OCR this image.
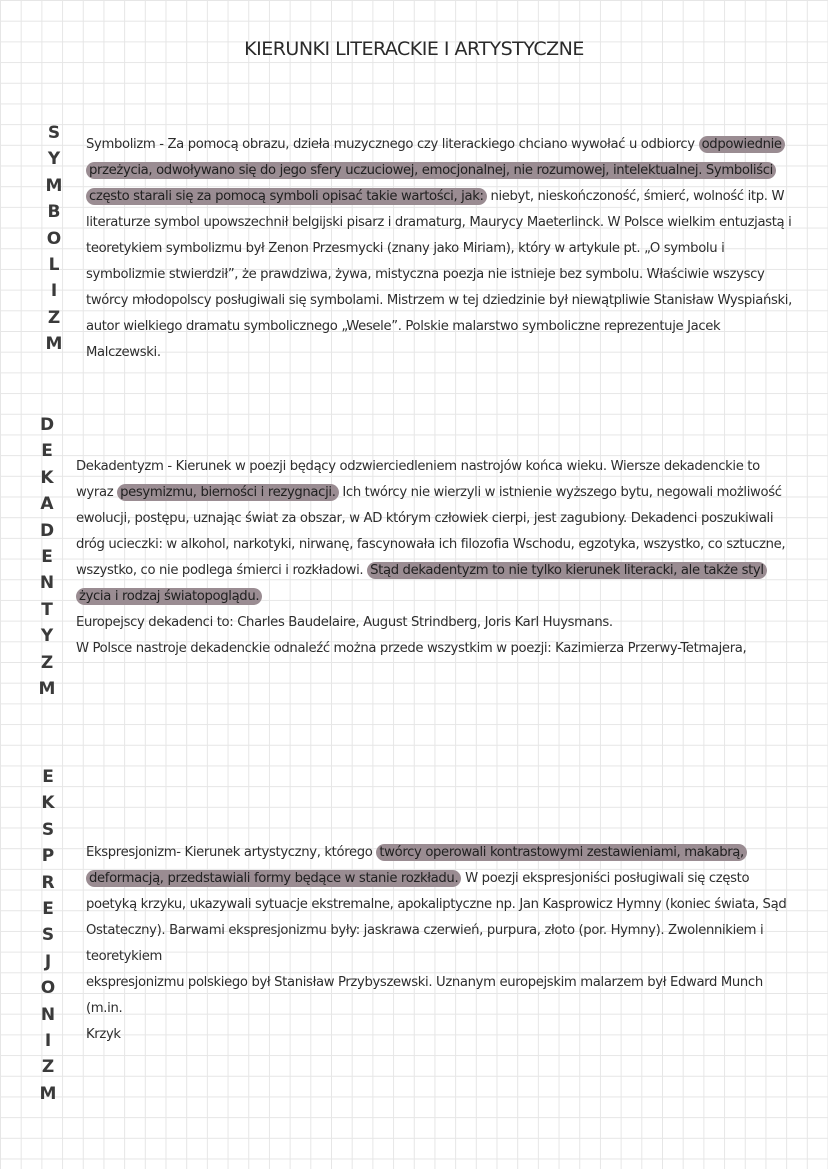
KIERUNKI LITERACKIE I ARTYSTYCZNE
S
Y
M
B
O
L
I
Z
M
D
E
K
A
D
E
N
T
Y
Z
M
E
K
S
P
R
E
S
J
O
N
I
Z
M
Symbolizm - Za pomocą obrazu, dzieła muzycznego czy literackiego chciano wywołać u odbiorcy odpowiednie przeżycia, odwoływano się do jego sfery uczuciowej, emocjonalnej, nie rozumowej, intelektualnej. Symboliści często starali się za pomocą symboli opisać takie wartości, jak: niebyt, nieskończoność, śmierć, wolność itp. W literaturze symbol upowszechnił belgijski pisarz i dramaturg, Maurycy Maeterlinck. W Polsce wielkim entuzjastą i teoretykiem symbolizmu był Zenon Przesmycki (znany jako Miriam), który w artykule pt. „O symbolu i symbolizmie stwierdził”, że prawdziwa, żywa, mistyczna poezja nie istnieje bez symbolu. Właściwie wszyscy twórcy młodopolscy posługiwali się symbolami. Mistrzem w tej dziedzinie był niewątpliwie Stanisław Wyspiański, autor wielkiego dramatu symbolicznego „Wesele”. Polskie malarstwo symboliczne reprezentuje Jacek Malczewski.
Dekadentyzm - Kierunek w poezji będący odzwierciedleniem nastrojów końca wieku. Wiersze dekadenckie to wyraz pesymizmu, bierności i rezygnacji. Ich twórcy nie wierzyli w istnienie wyższego bytu, negowali możliwość ewolucji, postępu, uznając świat za obszar, w AD którym człowiek cierpi, jest zagubiony. Dekadenci poszukiwali dróg ucieczki: w alkohol, narkotyki, nirwanę, fascynowała ich filozofia Wschodu, egzotyka, wszystko, co sztuczne, wszystko, co nie podlega śmierci i rozkładowi. Stąd dekadentyzm to nie tylko kierunek literacki, ale także styl życia i rodzaj światopoglądu.
Europejscy dekadenci to: Charles Baudelaire, August Strindberg, Joris Karl Huysmans.
W Polsce nastroje dekadenckie odnaleźć można przede wszystkim w poezji: Kazimierza Przerwy-Tetmajera,
Ekspresjonizm- Kierunek artystyczny, którego twórcy operowali kontrastowymi zestawieniami, makabrą, deformacją, przedstawiali formy będące w stanie rozkładu. W poezji ekspresjoniści posługiwali się często poetyką krzyku, ukazywali sytuacje ekstremalne, apokaliptyczne np. Jan Kasprowicz Hymny (koniec świata, Sąd Ostateczny). Barwami ekspresjonizmu były: jaskrawa czerwień, purpura, złoto (por. Hymny). Zwolennikiem i teoretykiem
ekspresjonizmu polskiego był Stanisław Przybyszewski. Uznanym europejskim malarzem był Edward Munch (m.in.
Krzyk
